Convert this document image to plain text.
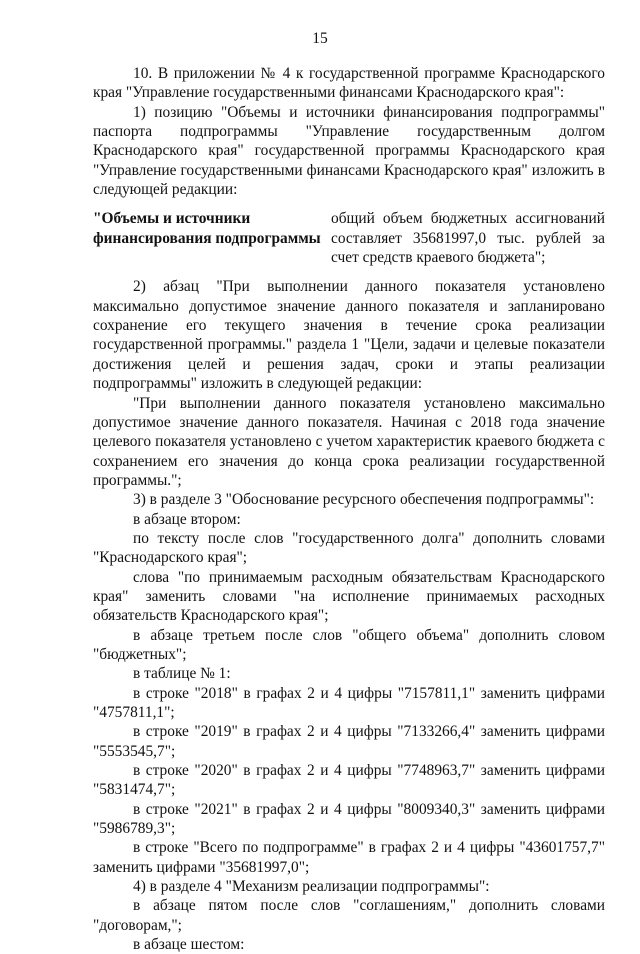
15

10. В приложении № 4 к государственной программе Краснодарского края "Управление государственными финансами Краснодарского края":

1) позицию "Объемы и источники финансирования подпрограммы" паспорта подпрограммы "Управление государственным долгом Краснодарского края" государственной программы Краснодарского края "Управление государственными финансами Краснодарского края" изложить в следующей редакции:

"Объемы и источники финансирования подпрограммы
общий объем бюджетных ассигнований составляет 35681997,0 тыс. рублей за счет средств краевого бюджета";

2) абзац "При выполнении данного показателя установлено максимально допустимое значение данного показателя и запланировано сохранение его текущего значения в течение срока реализации государственной программы." раздела 1 "Цели, задачи и целевые показатели достижения целей и решения задач, сроки и этапы реализации подпрограммы" изложить в следующей редакции:

"При выполнении данного показателя установлено максимально допустимое значение данного показателя. Начиная с 2018 года значение целевого показателя установлено с учетом характеристик краевого бюджета с сохранением его значения до конца срока реализации государственной программы.";

3) в разделе 3 "Обоснование ресурсного обеспечения подпрограммы":

в абзаце втором:

по тексту после слов "государственного долга" дополнить словами "Краснодарского края";

слова "по принимаемым расходным обязательствам Краснодарского края" заменить словами "на исполнение принимаемых расходных обязательств Краснодарского края";

в абзаце третьем после слов "общего объема" дополнить словом "бюджетных";

в таблице № 1:

в строке "2018" в графах 2 и 4 цифры "7157811,1" заменить цифрами "4757811,1";

в строке "2019" в графах 2 и 4 цифры "7133266,4" заменить цифрами "5553545,7";

в строке "2020" в графах 2 и 4 цифры "7748963,7" заменить цифрами "5831474,7";

в строке "2021" в графах 2 и 4 цифры "8009340,3" заменить цифрами "5986789,3";

в строке "Всего по подпрограмме" в графах 2 и 4 цифры "43601757,7" заменить цифрами "35681997,0";

4) в разделе 4 "Механизм реализации подпрограммы":

в абзаце пятом после слов "соглашениям," дополнить словами "договорам,";

в абзаце шестом:
